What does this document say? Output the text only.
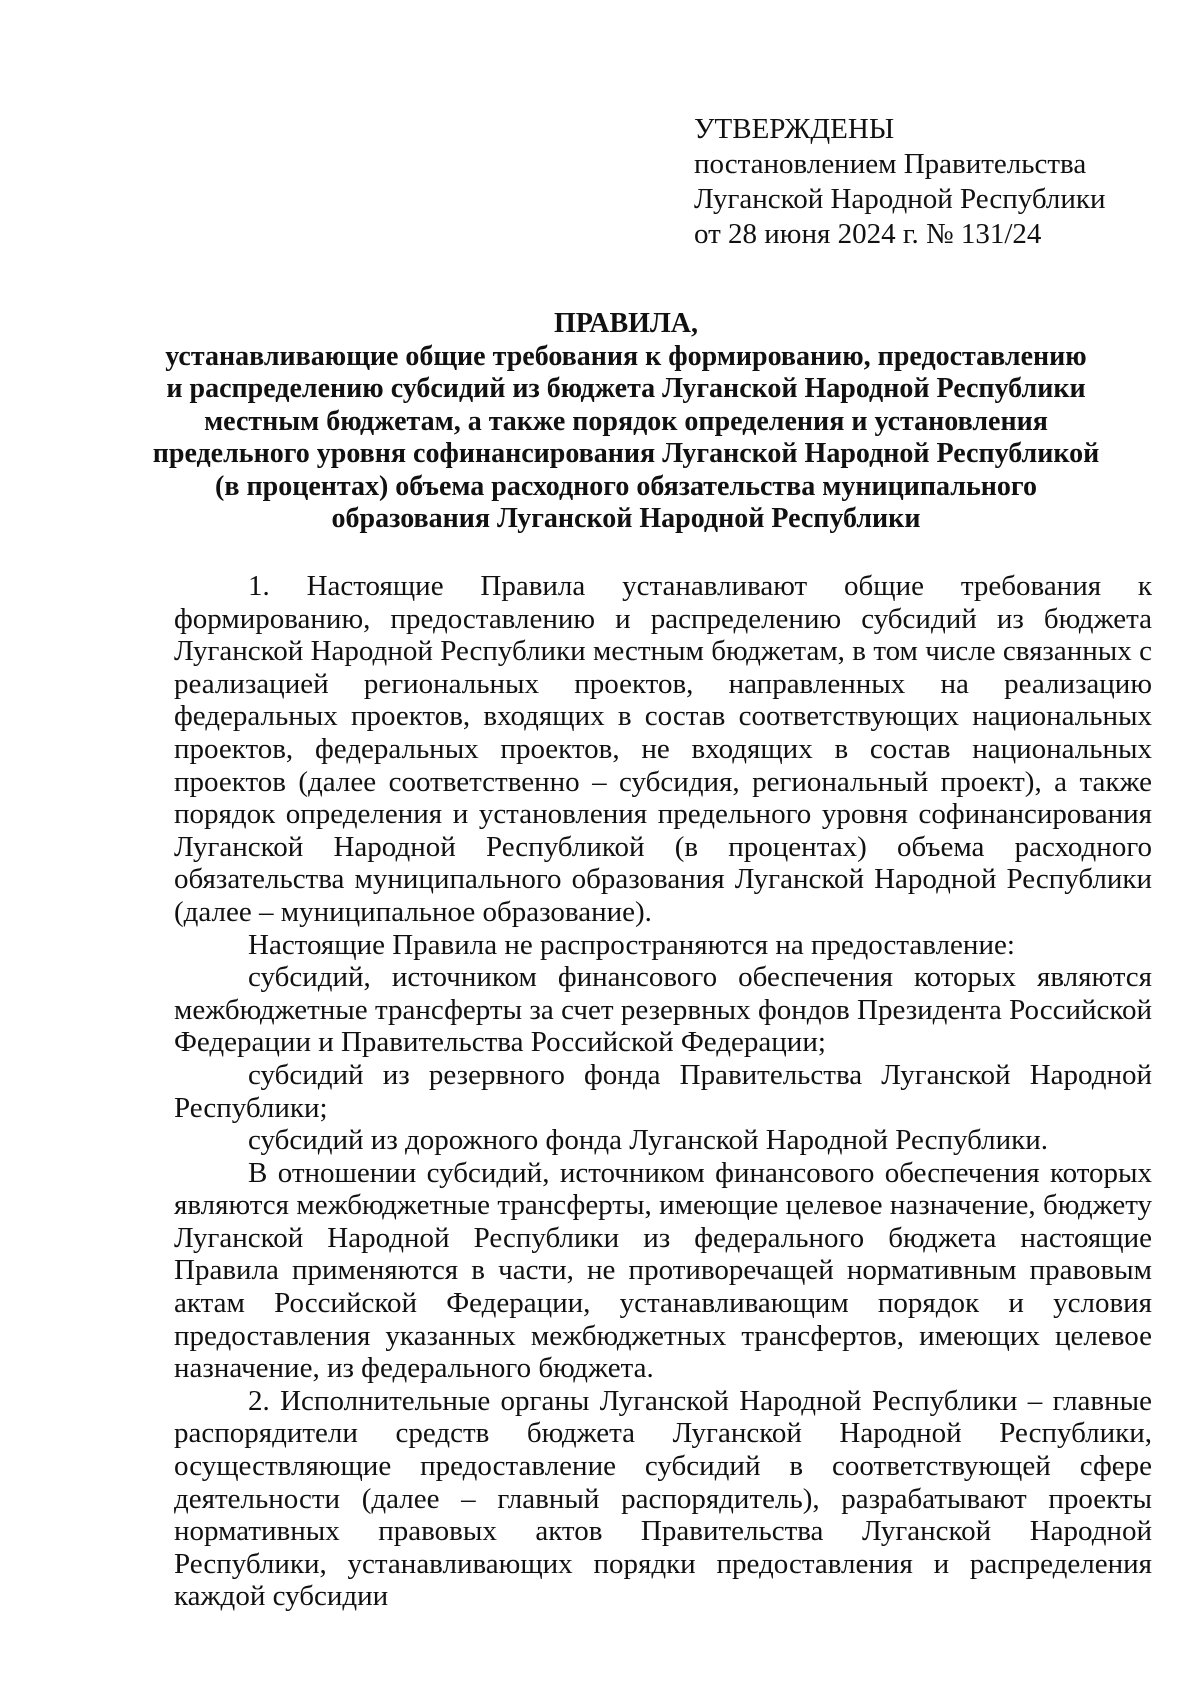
УТВЕРЖДЕНЫ
постановлением Правительства
Луганской Народной Республики
от 28 июня 2024 г. № 131/24
ПРАВИЛА,
устанавливающие общие требования к формированию, предоставлению
и распределению субсидий из бюджета Луганской Народной Республики
местным бюджетам, а также порядок определения и установления
предельного уровня софинансирования Луганской Народной Республикой
(в процентах) объема расходного обязательства муниципального
образования Луганской Народной Республики

1. Настоящие Правила устанавливают общие требования к формированию, предоставлению и распределению субсидий из бюджета Луганской Народной Республики местным бюджетам, в том числе связанных с реализацией региональных проектов, направленных на реализацию федеральных проектов, входящих в состав соответствующих национальных проектов, федеральных проектов, не входящих в состав национальных проектов (далее соответственно – субсидия, региональный проект), а также порядок определения и установления предельного уровня софинансирования Луганской Народной Республикой (в процентах) объема расходного обязательства муниципального образования Луганской Народной Республики (далее – муниципальное образование).

Настоящие Правила не распространяются на предоставление:

субсидий, источником финансового обеспечения которых являются межбюджетные трансферты за счет резервных фондов Президента Российской Федерации и Правительства Российской Федерации;

субсидий из резервного фонда Правительства Луганской Народной Республики;

субсидий из дорожного фонда Луганской Народной Республики.

В отношении субсидий, источником финансового обеспечения которых являются межбюджетные трансферты, имеющие целевое назначение, бюджету Луганской Народной Республики из федерального бюджета настоящие Правила применяются в части, не противоречащей нормативным правовым актам Российской Федерации, устанавливающим порядок и условия предоставления указанных межбюджетных трансфертов, имеющих целевое назначение, из федерального бюджета.

2. Исполнительные органы Луганской Народной Республики – главные распорядители средств бюджета Луганской Народной Республики, осуществляющие предоставление субсидий в соответствующей сфере деятельности (далее – главный распорядитель), разрабатывают проекты нормативных правовых актов Правительства Луганской Народной Республики, устанавливающих порядки предоставления и распределения каждой субсидии
